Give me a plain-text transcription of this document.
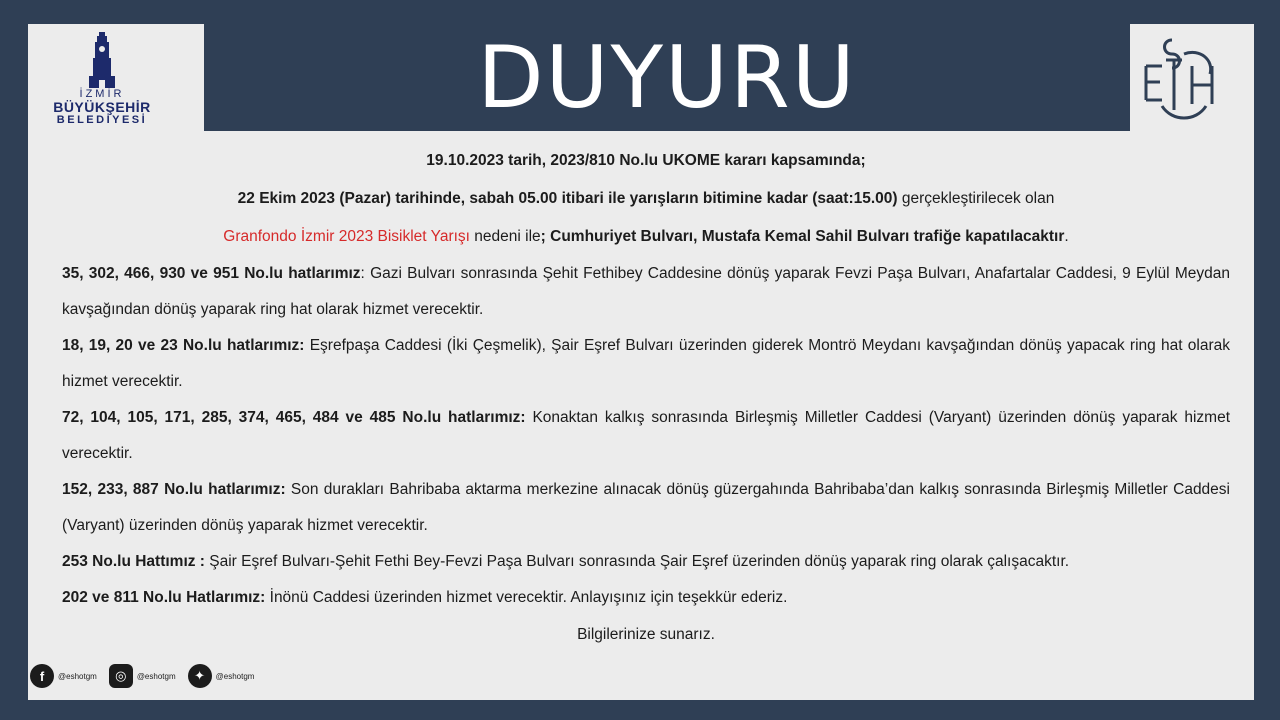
DUYURU
İZMİR
BÜYÜKŞEHİR
BELEDİYESİ
19.10.2023 tarih, 2023/810 No.lu UKOME kararı kapsamında;
22 Ekim 2023 (Pazar) tarihinde, sabah 05.00 itibari ile yarışların bitimine kadar (saat:15.00) gerçekleştirilecek olan
Granfondo İzmir 2023 Bisiklet Yarışı nedeni ile; Cumhuriyet Bulvarı, Mustafa Kemal Sahil Bulvarı trafiğe kapatılacaktır.
35, 302, 466, 930 ve 951 No.lu hatlarımız: Gazi Bulvarı sonrasında Şehit Fethibey Caddesine dönüş yaparak Fevzi Paşa Bulvarı, Anafartalar Caddesi, 9 Eylül Meydan kavşağından dönüş yaparak ring hat olarak hizmet verecektir.
18, 19, 20 ve 23 No.lu hatlarımız: Eşrefpaşa Caddesi (İki Çeşmelik), Şair Eşref Bulvarı üzerinden giderek Montrö Meydanı kavşağından dönüş yapacak ring hat olarak hizmet verecektir.
72, 104, 105, 171, 285, 374, 465, 484 ve 485 No.lu hatlarımız: Konaktan kalkış sonrasında Birleşmiş Milletler Caddesi (Varyant) üzerinden dönüş yaparak hizmet verecektir.
152, 233, 887 No.lu hatlarımız: Son durakları Bahribaba aktarma merkezine alınacak dönüş güzergahında Bahribaba’dan kalkış sonrasında Birleşmiş Milletler Caddesi (Varyant) üzerinden dönüş yaparak hizmet verecektir.
253 No.lu Hattımız : Şair Eşref Bulvarı-Şehit Fethi Bey-Fevzi Paşa Bulvarı sonrasında Şair Eşref üzerinden dönüş yaparak ring olarak çalışacaktır.
202 ve 811 No.lu Hatlarımız: İnönü Caddesi üzerinden hizmet verecektir. Anlayışınız için teşekkür ederiz.
Bilgilerinize sunarız.
f	@eshotgm	◎	@eshotgm	✦	@eshotgm
